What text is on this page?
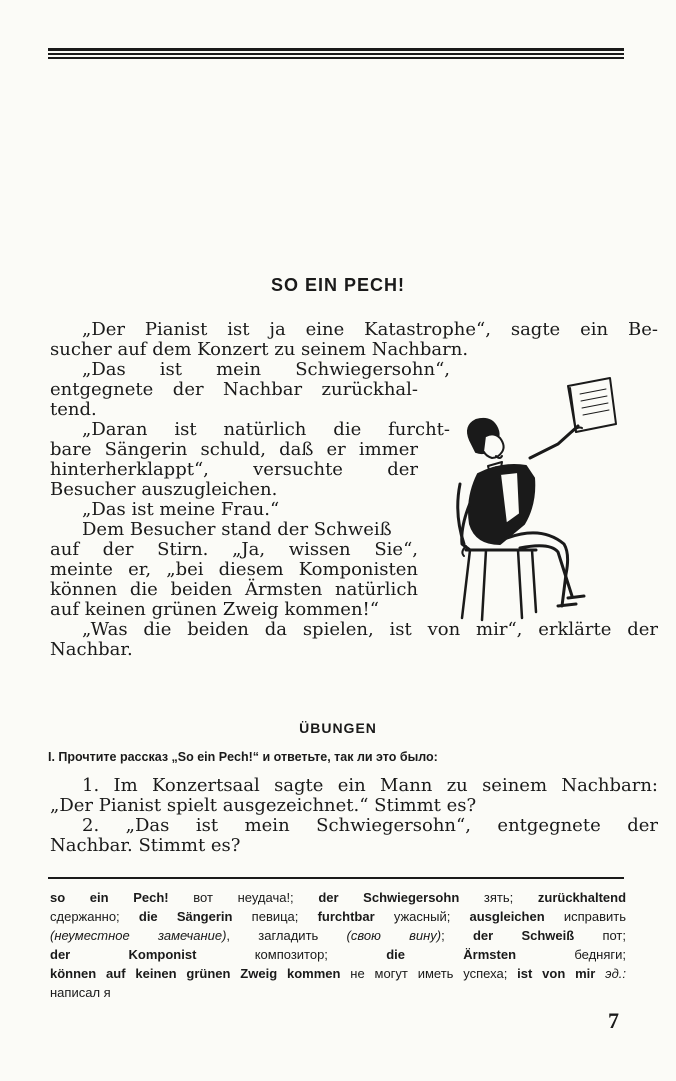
SO EIN PECH!
„Der Pianist ist ja eine Katastrophe“, sagte ein Be-
sucher auf dem Konzert zu seinem Nachbarn.
„Das ist mein Schwiegersohn“,
entgegnete der Nachbar zurückhal-
tend.
„Daran ist natürlich die furcht-
bare Sängerin schuld, daß er immer
hinterherklappt“, versuchte der
Besucher auszugleichen.
„Das ist meine Frau.“
Dem Besucher stand der Schweiß
auf der Stirn. „Ja, wissen Sie“,
meinte er, „bei diesem Komponisten
können die beiden Ärmsten natürlich
auf keinen grünen Zweig kommen!“
„Was die beiden da spielen, ist von mir“, erklärte der
Nachbar.
ÜBUNGEN
I. Прочтите рассказ „So ein Pech!“ и ответьте, так ли это было:
1. Im Konzertsaal sagte ein Mann zu seinem Nachbarn:
„Der Pianist spielt ausgezeichnet.“ Stimmt es?
2. „Das ist mein Schwiegersohn“, entgegnete der
Nachbar. Stimmt es?
so ein Pech! вот неудача!; der Schwiegersohn зять; zurückhaltend
сдержанно; die Sängerin певица; furchtbar ужасный; ausgleichen исправить
(неуместное замечание), загладить (свою вину); der Schweiß пот;
der Komponist композитор; die Ärmsten бедняги;
können auf keinen grünen Zweig kommen не могут иметь успеха; ist von mir эд.:
написал я
7
